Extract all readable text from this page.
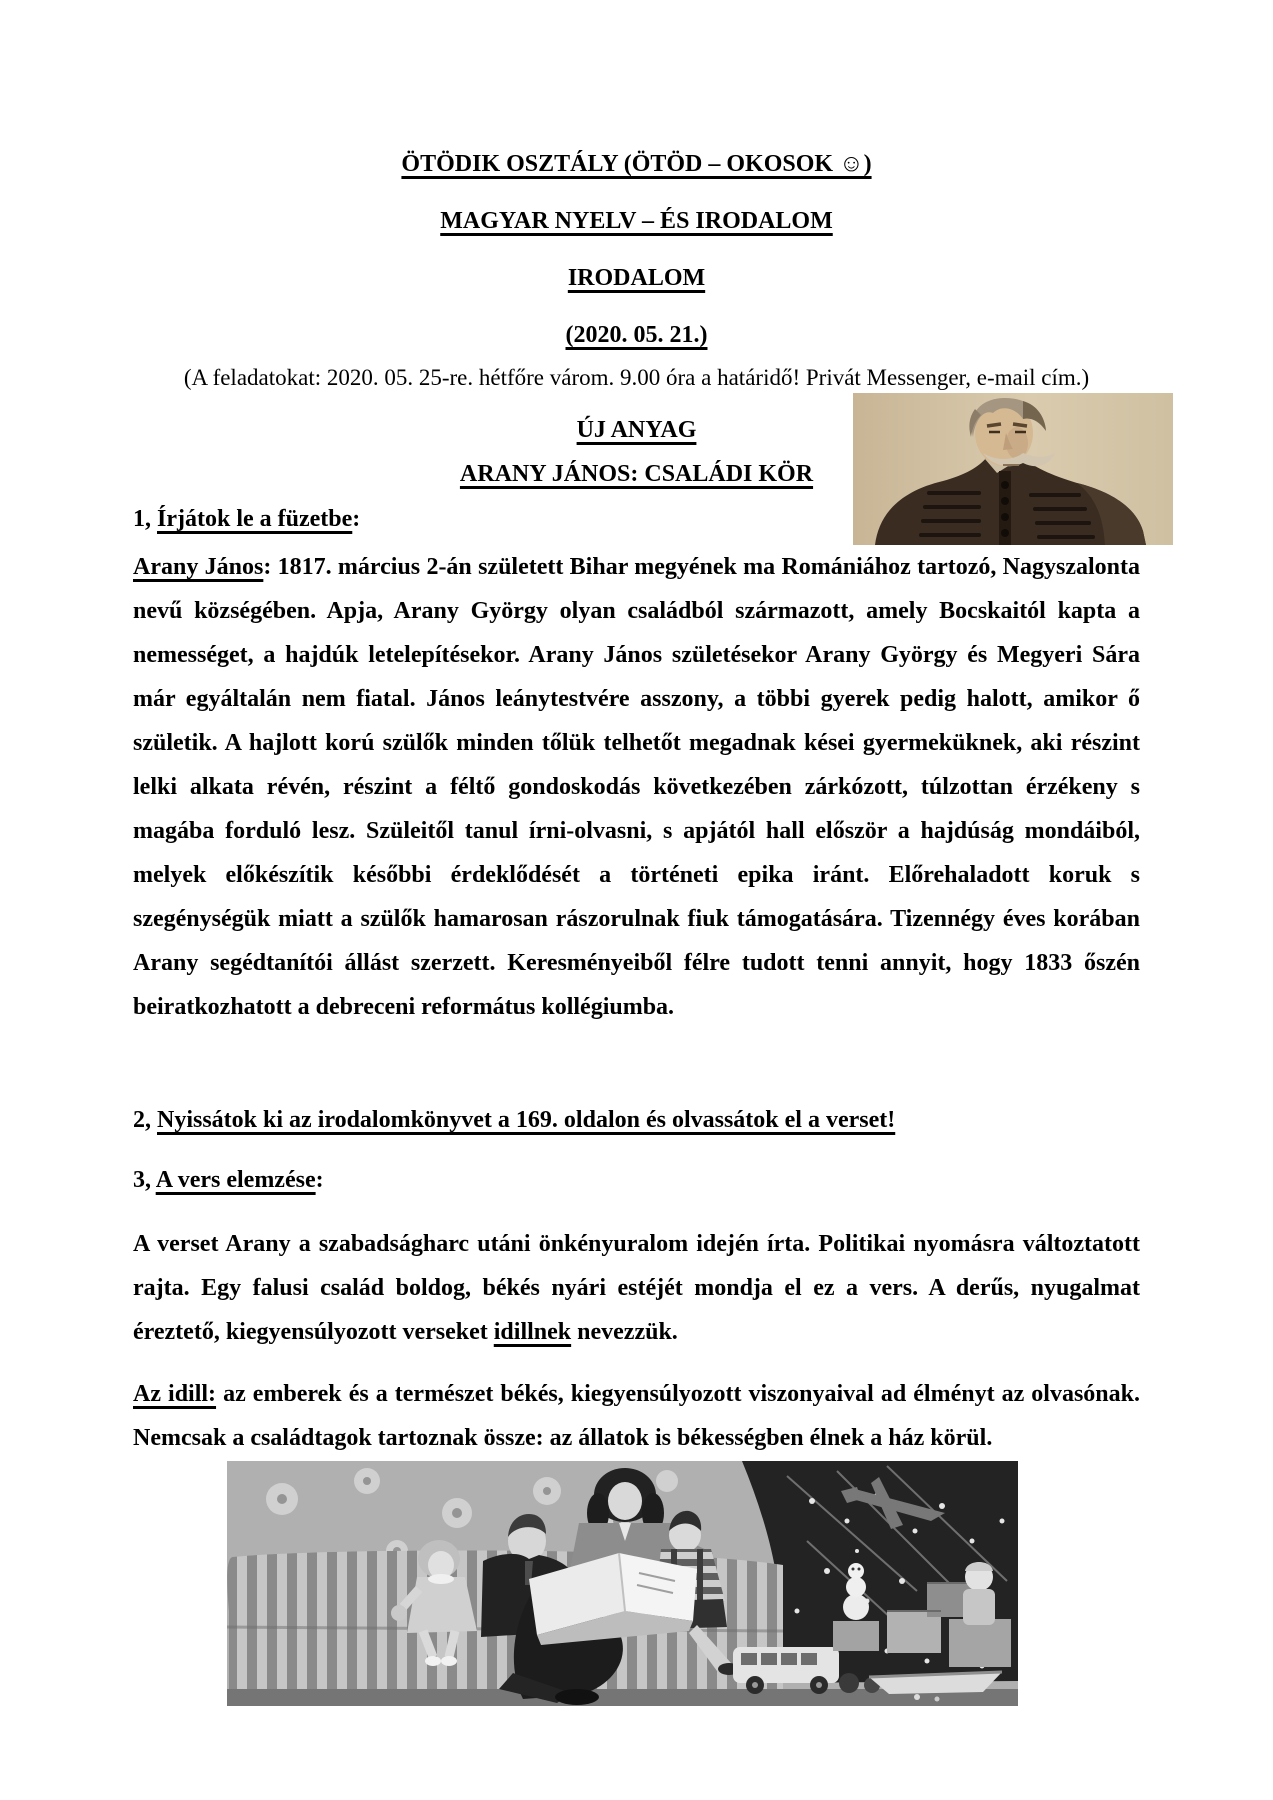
ÖTÖDIK OSZTÁLY (ÖTÖD – OKOSOK ☺)

MAGYAR NYELV – ÉS IRODALOM

IRODALOM

(2020. 05. 21.)

(A feladatokat: 2020. 05. 25-re. hétfőre várom. 9.00 óra a határidő! Privát Messenger, e-mail cím.)

ÚJ ANYAG

ARANY JÁNOS: CSALÁDI KÖR

1, Írjátok le a füzetbe:

Arany János: 1817. március 2-án született Bihar megyének ma Romániához tartozó, Nagyszalonta nevű községében. Apja, Arany György olyan családból származott, amely Bocskaitól kapta a nemességet, a hajdúk letelepítésekor. Arany János születésekor Arany György és Megyeri Sára már egyáltalán nem fiatal. János leánytestvére asszony, a többi gyerek pedig halott, amikor ő születik. A hajlott korú szülők minden tőlük telhetőt megadnak kései gyermeküknek, aki részint lelki alkata révén, részint a féltő gondoskodás következében zárkózott, túlzottan érzékeny s magába forduló lesz. Szüleitől tanul írni-olvasni, s apjától hall először a hajdúság mondáiból, melyek előkészítik későbbi érdeklődését a történeti epika iránt. Előrehaladott koruk s szegénységük miatt a szülők hamarosan rászorulnak fiuk támogatására. Tizennégy éves korában Arany segédtanítói állást szerzett. Keresményeiből félre tudott tenni annyit, hogy 1833 őszén beiratkozhatott a debreceni református kollégiumba.

2, Nyissátok ki az irodalomkönyvet a 169. oldalon és olvassátok el a verset!

3, A vers elemzése:

A verset Arany a szabadságharc utáni önkényuralom idején írta. Politikai nyomásra változtatott rajta. Egy falusi család boldog, békés nyári estéjét mondja el ez a vers. A derűs, nyugalmat éreztető, kiegyensúlyozott verseket idillnek nevezzük.

Az idill: az emberek és a természet békés, kiegyensúlyozott viszonyaival ad élményt az olvasónak. Nemcsak a családtagok tartoznak össze: az állatok is békességben élnek a ház körül.
